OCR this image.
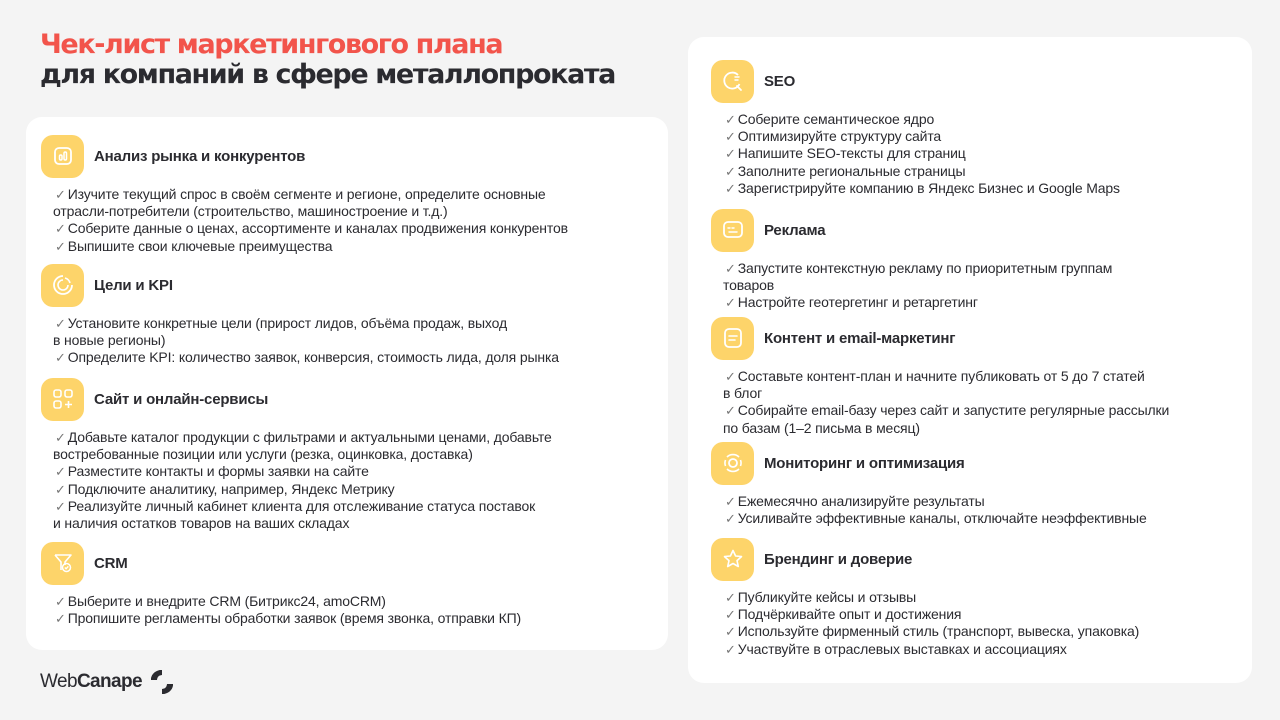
Чек-лист маркетингового плана
для компаний в сфере металлопроката
Анализ рынка и конкурентов
✓ Изучите текущий спрос в своём сегменте и регионе, определите основные
отрасли-потребители (строительство, машиностроение и т.д.)
✓ Соберите данные о ценах, ассортименте и каналах продвижения конкурентов
✓ Выпишите свои ключевые преимущества
Цели и KPI
✓ Установите конкретные цели (прирост лидов, объёма продаж, выход
в новые регионы)
✓ Определите KPI: количество заявок, конверсия, стоимость лида, доля рынка
Сайт и онлайн-сервисы
✓ Добавьте каталог продукции с фильтрами и актуальными ценами, добавьте
востребованные позиции или услуги (резка, оцинковка, доставка)
✓ Разместите контакты и формы заявки на сайте
✓ Подключите аналитику, например, Яндекс Метрику
✓ Реализуйте личный кабинет клиента для отслеживание статуса поставок
и наличия остатков товаров на ваших складах
CRM
✓ Выберите и внедрите CRM (Битрикс24, amoCRM)
✓ Пропишите регламенты обработки заявок (время звонка, отправки КП)
SEO
✓ Соберите семантическое ядро
✓ Оптимизируйте структуру сайта
✓ Напишите SEO-тексты для страниц
✓ Заполните региональные страницы
✓ Зарегистрируйте компанию в Яндекс Бизнес и Google Maps
Реклама
✓ Запустите контекстную рекламу по приоритетным группам
товаров
✓ Настройте геотергетинг и ретаргетинг
Контент и email-маркетинг
✓ Составьте контент-план и начните публиковать от 5 до 7 статей
в блог
✓ Собирайте email-базу через сайт и запустите регулярные рассылки
по базам (1–2 письма в месяц)
Мониторинг и оптимизация
✓ Ежемесячно анализируйте результаты
✓ Усиливайте эффективные каналы, отключайте неэффективные
Брендинг и доверие
✓ Публикуйте кейсы и отзывы
✓ Подчёркивайте опыт и достижения
✓ Используйте фирменный стиль (транспорт, вывеска, упаковка)
✓ Участвуйте в отраслевых выставках и ассоциациях
Web Canape
